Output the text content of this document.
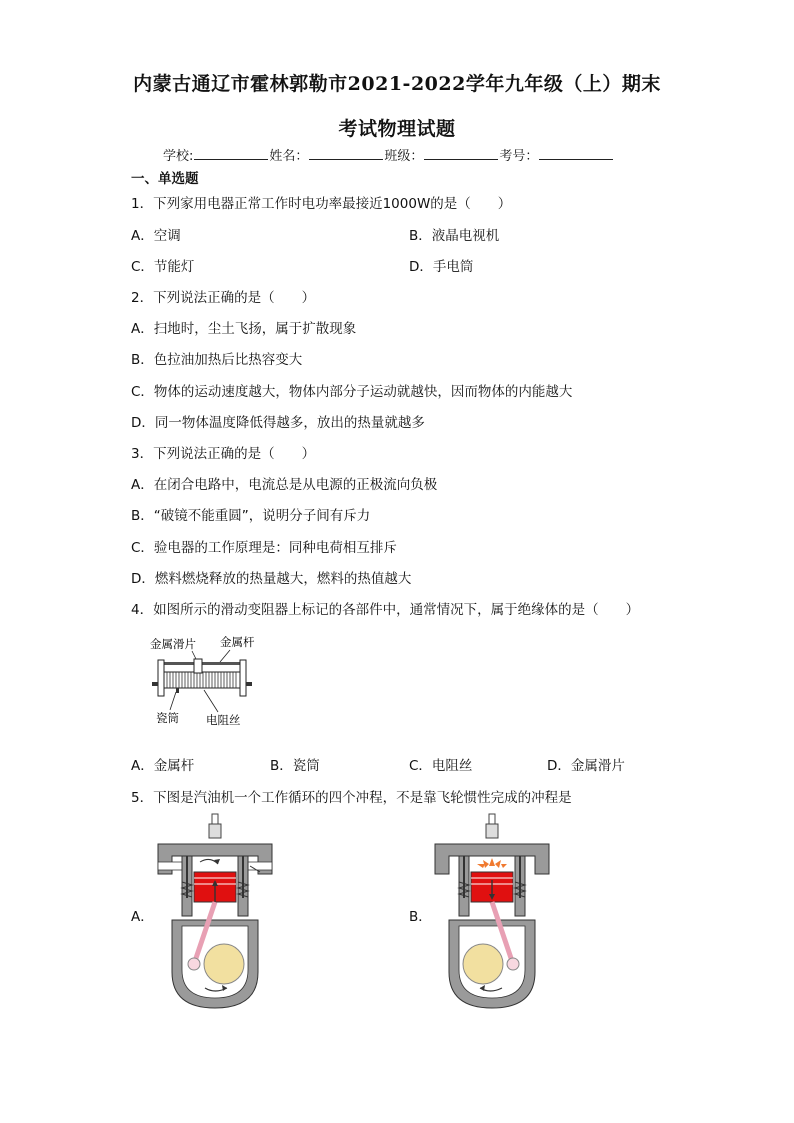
内蒙古通辽市霍林郭勒市2021-2022学年九年级（上）期末
考试物理试题
学校:	姓名：	班级：	考号：
一、单选题
1．下列家用电器正常工作时电功率最接近1000W的是（　　）
A．空调	B．液晶电视机
C．节能灯	D．手电筒
2．下列说法正确的是（　　）
A．扫地时，尘土飞扬，属于扩散现象
B．色拉油加热后比热容变大
C．物体的运动速度越大，物体内部分子运动就越快，因而物体的内能越大
D．同一物体温度降低得越多，放出的热量就越多
3．下列说法正确的是（　　）
A．在闭合电路中，电流总是从电源的正极流向负极
B．“破镜不能重圆”，说明分子间有斥力
C．验电器的工作原理是：同种电荷相互排斥
D．燃料燃烧释放的热量越大，燃料的热值越大
4．如图所示的滑动变阻器上标记的各部件中，通常情况下，属于绝缘体的是（　　）
金属滑片 金属杆
瓷筒 电阻丝
A．金属杆	B．瓷筒	C．电阻丝	D．金属滑片
5．下图是汽油机一个工作循环的四个冲程，不是靠飞轮惯性完成的冲程是
A．	B．
